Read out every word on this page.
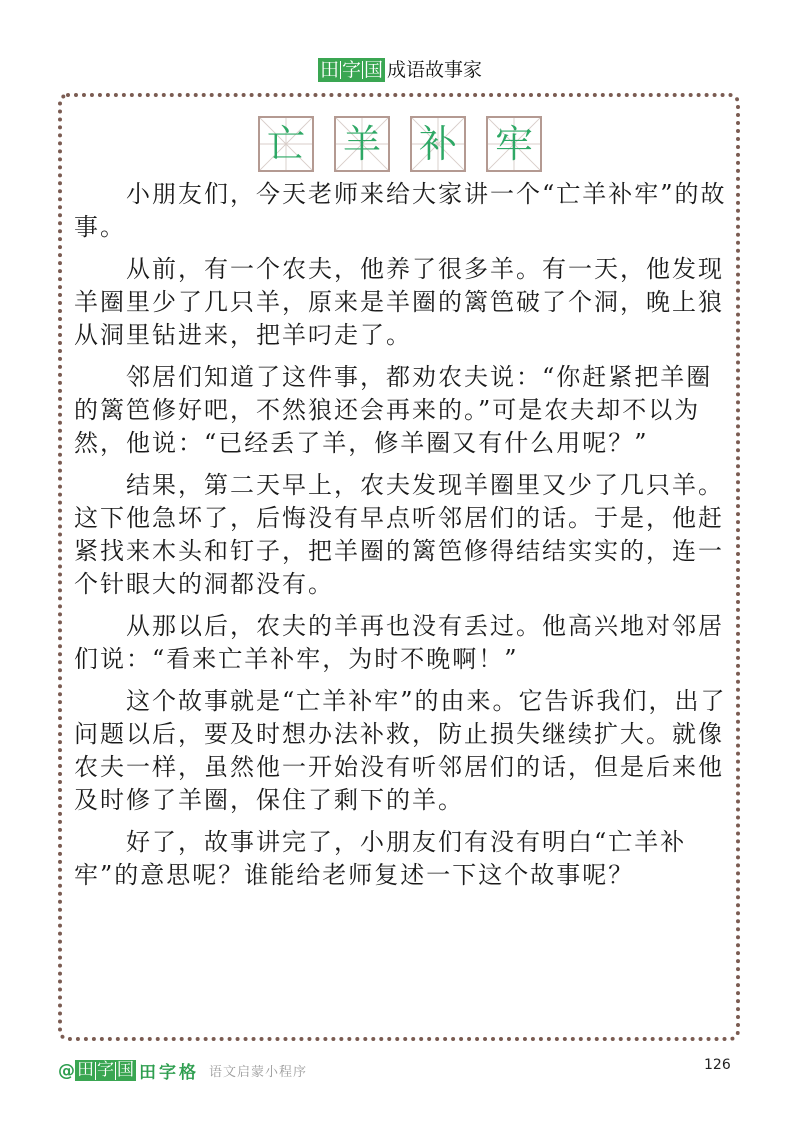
田 字 国 成语故事家
亡 羊 补 牢

小朋友们，今天老师来给大家讲一个“亡羊补牢”的故事。

从前，有一个农夫，他养了很多羊。有一天，他发现羊圈里少了几只羊，原来是羊圈的篱笆破了个洞，晚上狼从洞里钻进来，把羊叼走了。

邻居们知道了这件事，都劝农夫说：“你赶紧把羊圈的篱笆修好吧，不然狼还会再来的。”可是农夫却不以为然，他说：“已经丢了羊，修羊圈又有什么用呢？”

结果，第二天早上，农夫发现羊圈里又少了几只羊。这下他急坏了，后悔没有早点听邻居们的话。于是，他赶紧找来木头和钉子，把羊圈的篱笆修得结结实实的，连一个针眼大的洞都没有。

从那以后，农夫的羊再也没有丢过。他高兴地对邻居们说：“看来亡羊补牢，为时不晚啊！”

这个故事就是“亡羊补牢”的由来。它告诉我们，出了问题以后，要及时想办法补救，防止损失继续扩大。就像农夫一样，虽然他一开始没有听邻居们的话，但是后来他及时修了羊圈，保住了剩下的羊。

好了，故事讲完了，小朋友们有没有明白“亡羊补牢”的意思呢？谁能给老师复述一下这个故事呢？

@ 田 字 国 田字格 语文启蒙小程序	126
